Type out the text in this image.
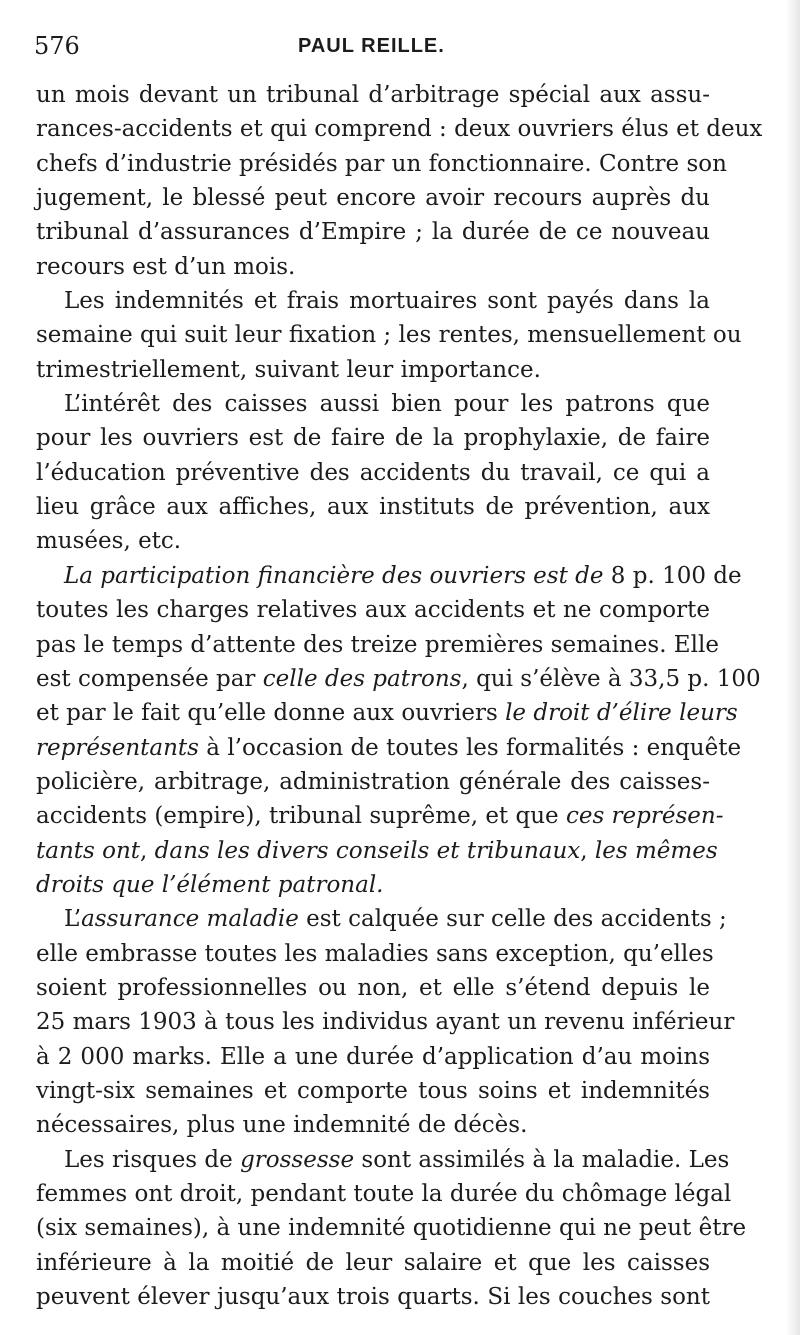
576	PAUL REILLE.
un mois devant un tribunal d’arbitrage spécial aux assu-
rances-accidents et qui comprend : deux ouvriers élus et deux
chefs d’industrie présidés par un fonctionnaire. Contre son
jugement, le blessé peut encore avoir recours auprès du
tribunal d’assurances d’Empire ; la durée de ce nouveau
recours est d’un mois.
Les indemnités et frais mortuaires sont payés dans la
semaine qui suit leur fixation ; les rentes, mensuellement ou
trimestriellement, suivant leur importance.
L’intérêt des caisses aussi bien pour les patrons que
pour les ouvriers est de faire de la prophylaxie, de faire
l’éducation préventive des accidents du travail, ce qui a
lieu grâce aux affiches, aux instituts de prévention, aux
musées, etc.
La participation financière des ouvriers est de 8 p. 100 de
toutes les charges relatives aux accidents et ne comporte
pas le temps d’attente des treize premières semaines. Elle
est compensée par celle des patrons, qui s’élève à 33,5 p. 100
et par le fait qu’elle donne aux ouvriers le droit d’élire leurs
représentants à l’occasion de toutes les formalités : enquête
policière, arbitrage, administration générale des caisses-
accidents (empire), tribunal suprême, et que ces représen-
tants ont, dans les divers conseils et tribunaux, les mêmes
droits que l’élément patronal.
L’assurance maladie est calquée sur celle des accidents ;
elle embrasse toutes les maladies sans exception, qu’elles
soient professionnelles ou non, et elle s’étend depuis le
25 mars 1903 à tous les individus ayant un revenu inférieur
à 2 000 marks. Elle a une durée d’application d’au moins
vingt-six semaines et comporte tous soins et indemnités
nécessaires, plus une indemnité de décès.
Les risques de grossesse sont assimilés à la maladie. Les
femmes ont droit, pendant toute la durée du chômage légal
(six semaines), à une indemnité quotidienne qui ne peut être
inférieure à la moitié de leur salaire et que les caisses
peuvent élever jusqu’aux trois quarts. Si les couches sont
